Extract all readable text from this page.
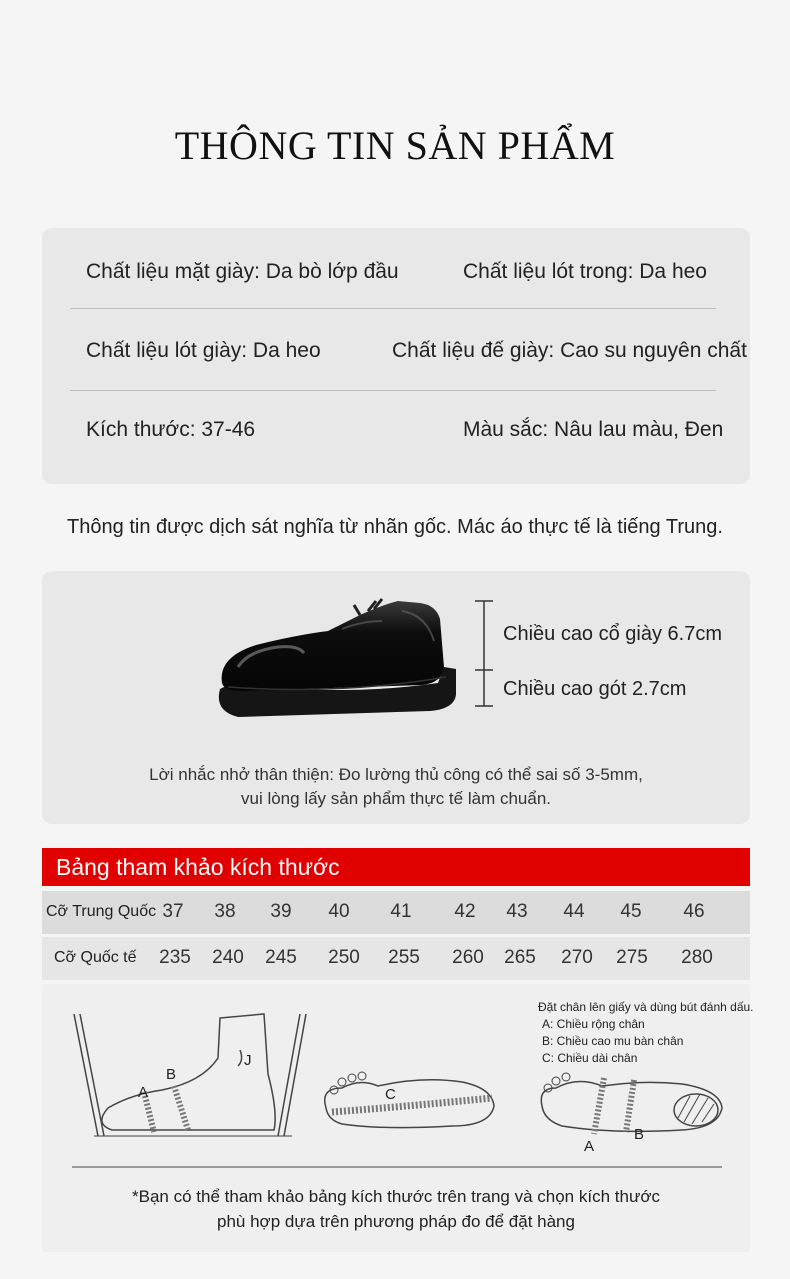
THÔNG TIN SẢN PHẨM
Chất liệu mặt giày: Da bò lớp đầu	Chất liệu lót trong: Da heo
Chất liệu lót giày: Da heo	Chất liệu đế giày: Cao su nguyên chất
Kích thước: 37-46	Màu sắc: Nâu lau màu, Đen
Thông tin được dịch sát nghĩa từ nhãn gốc. Mác áo thực tế là tiếng Trung.
Chiều cao cổ giày 6.7cm
Chiều cao gót 2.7cm
Lời nhắc nhở thân thiện: Đo lường thủ công có thể sai số 3-5mm,
vui lòng lấy sản phẩm thực tế làm chuẩn.
Bảng tham khảo kích thước
Cỡ Trung Quốc 37	38	39	40	41	42	43	44	45	46
Cỡ Quốc tế	235	240	245	250	255	260	265	270	275	280
Đặt chân lên giấy và dùng bút đánh dấu.
A: Chiều rộng chân
B: Chiều cao mu bàn chân
C: Chiều dài chân
A
B
J
C
A
B
*Bạn có thể tham khảo bảng kích thước trên trang và chọn kích thước
phù hợp dựa trên phương pháp đo để đặt hàng
